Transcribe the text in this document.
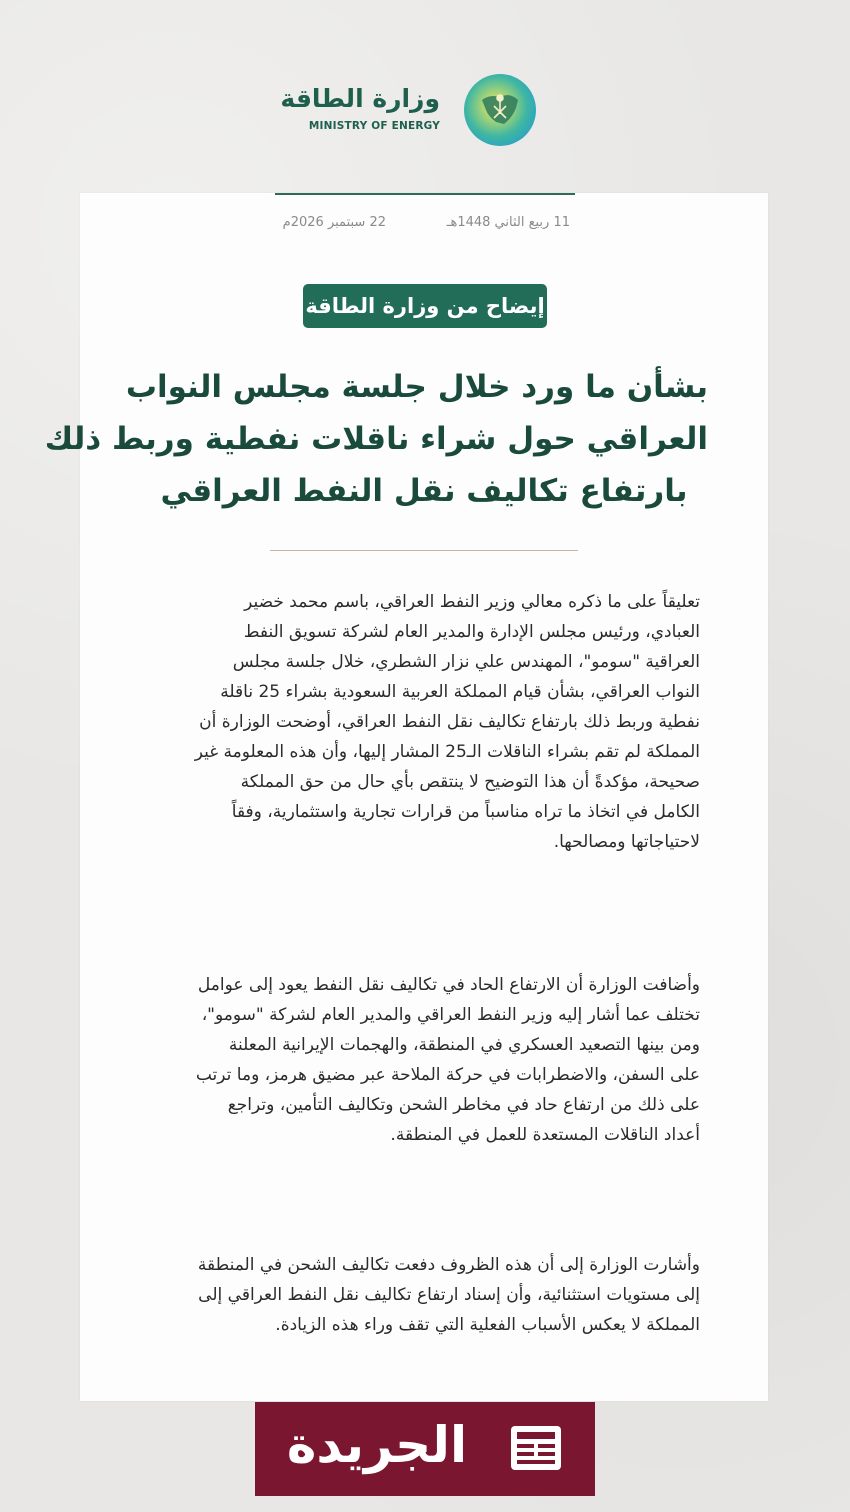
وزارة الطاقة
MINISTRY OF ENERGY
11 ربيع الثاني 1448هـ
22 سبتمبر 2026م
إيضاح من وزارة الطاقة
بشأن ما ورد خلال جلسة مجلس النواب
العراقي حول شراء ناقلات نفطية وربط ذلك
بارتفاع تكاليف نقل النفط العراقي
تعليقاً على ما ذكره معالي وزير النفط العراقي، باسم محمد خضير
العبادي، ورئيس مجلس الإدارة والمدير العام لشركة تسويق النفط
العراقية "سومو"، المهندس علي نزار الشطري، خلال جلسة مجلس
النواب العراقي، بشأن قيام المملكة العربية السعودية بشراء 25 ناقلة
نفطية وربط ذلك بارتفاع تكاليف نقل النفط العراقي، أوضحت الوزارة أن
المملكة لم تقم بشراء الناقلات الـ25 المشار إليها، وأن هذه المعلومة غير
صحيحة، مؤكدةً أن هذا التوضيح لا ينتقص بأي حال من حق المملكة
الكامل في اتخاذ ما تراه مناسباً من قرارات تجارية واستثمارية، وفقاً
لاحتياجاتها ومصالحها.
وأضافت الوزارة أن الارتفاع الحاد في تكاليف نقل النفط يعود إلى عوامل
تختلف عما أشار إليه وزير النفط العراقي والمدير العام لشركة "سومو"،
ومن بينها التصعيد العسكري في المنطقة، والهجمات الإيرانية المعلنة
على السفن، والاضطرابات في حركة الملاحة عبر مضيق هرمز، وما ترتب
على ذلك من ارتفاع حاد في مخاطر الشحن وتكاليف التأمين، وتراجع
أعداد الناقلات المستعدة للعمل في المنطقة.
وأشارت الوزارة إلى أن هذه الظروف دفعت تكاليف الشحن في المنطقة
إلى مستويات استثنائية، وأن إسناد ارتفاع تكاليف نقل النفط العراقي إلى
المملكة لا يعكس الأسباب الفعلية التي تقف وراء هذه الزيادة.
الجريدة
